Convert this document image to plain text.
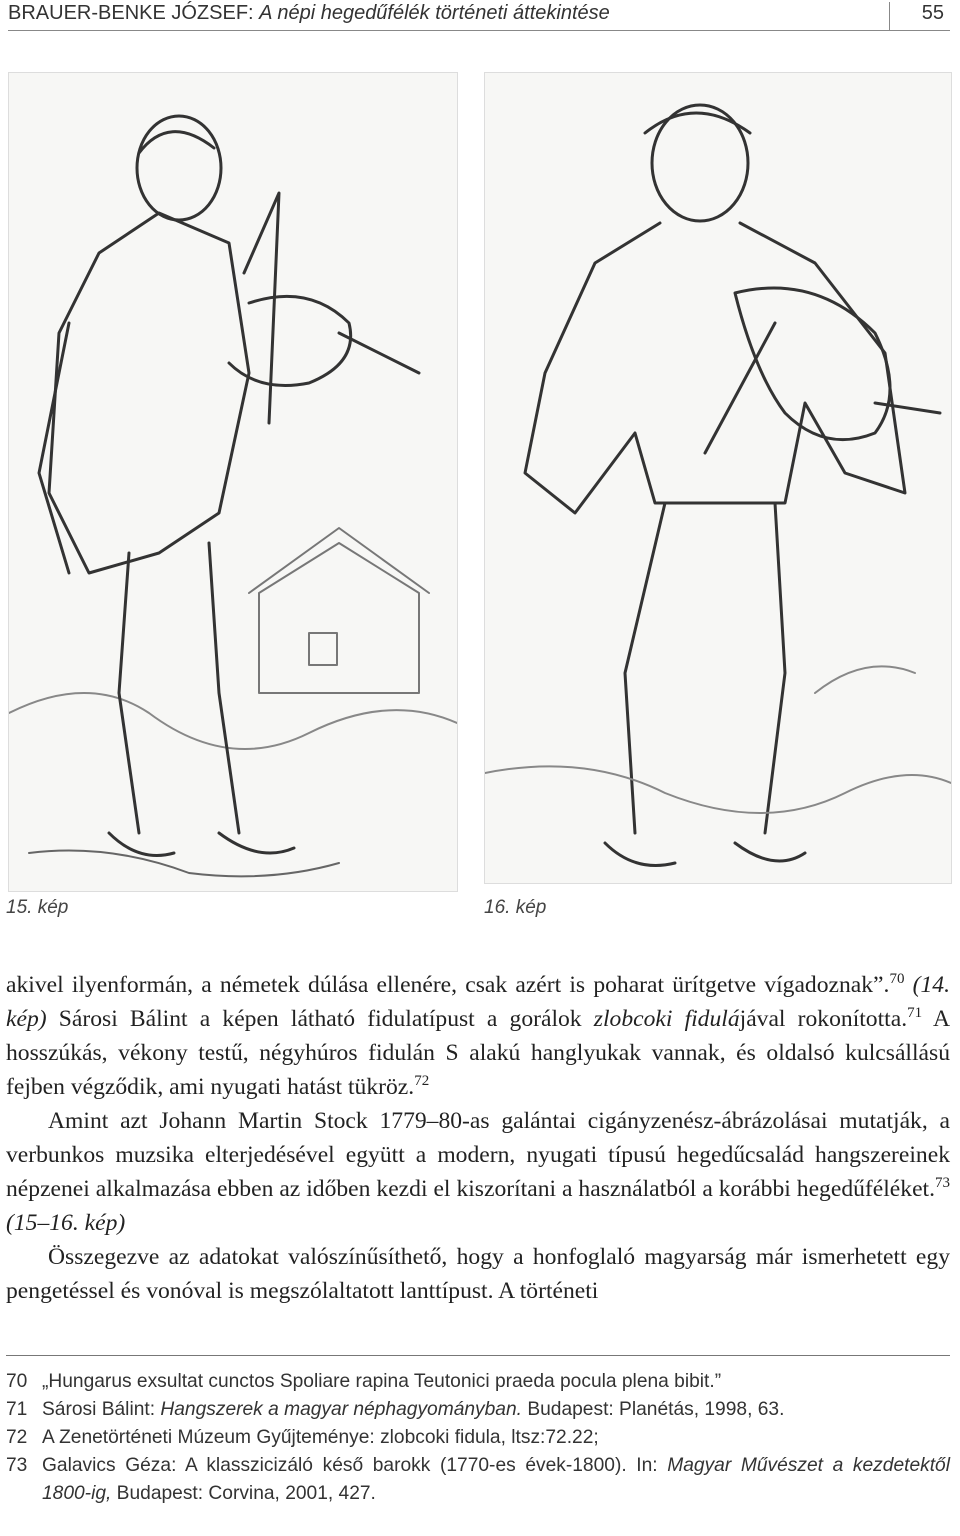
BRAUER-BENKE JÓZSEF: A népi hegedűfélék történeti áttekintése	55
15. kép	16. kép

akivel ilyenformán, a németek dúlása ellenére, csak azért is poharat ürítgetve vígadoznak”.$^{70}$ (14. kép) Sárosi Bálint a képen látható fidulatípust a gorálok zlobcoki fidulájával rokonította.$^{71}$ A hosszúkás, vékony testű, négyhúros fidulán S alakú hanglyukak vannak, és oldalsó kulcsállású fejben végződik, ami nyugati hatást tükröz.$^{72}$

Amint azt Johann Martin Stock 1779–80-as galántai cigányzenész-ábrázolásai mutatják, a verbunkos muzsika elterjedésével együtt a modern, nyugati típusú hegedűcsalád hangszereinek népzenei alkalmazása ebben az időben kezdi el kiszorítani a használatból a korábbi hegedűféléket.$^{73}$ (15–16. kép)

Összegezve az adatokat valószínűsíthető, hogy a honfoglaló magyarság már ismerhetett egy pengetéssel és vonóval is megszólaltatott lanttípust. A történeti

70 „Hungarus exsultat cunctos Spoliare rapina Teutonici praeda pocula plena bibit.”
71 Sárosi Bálint: Hangszerek a magyar néphagyományban. Budapest: Planétás, 1998, 63.
72 A Zenetörténeti Múzeum Gyűjteménye: zlobcoki fidula, ltsz:72.22;
73 Galavics Géza: A klasszicizáló késő barokk (1770-es évek-1800). In: Magyar Művészet a kezdetektől 1800-ig, Budapest: Corvina, 2001, 427.
